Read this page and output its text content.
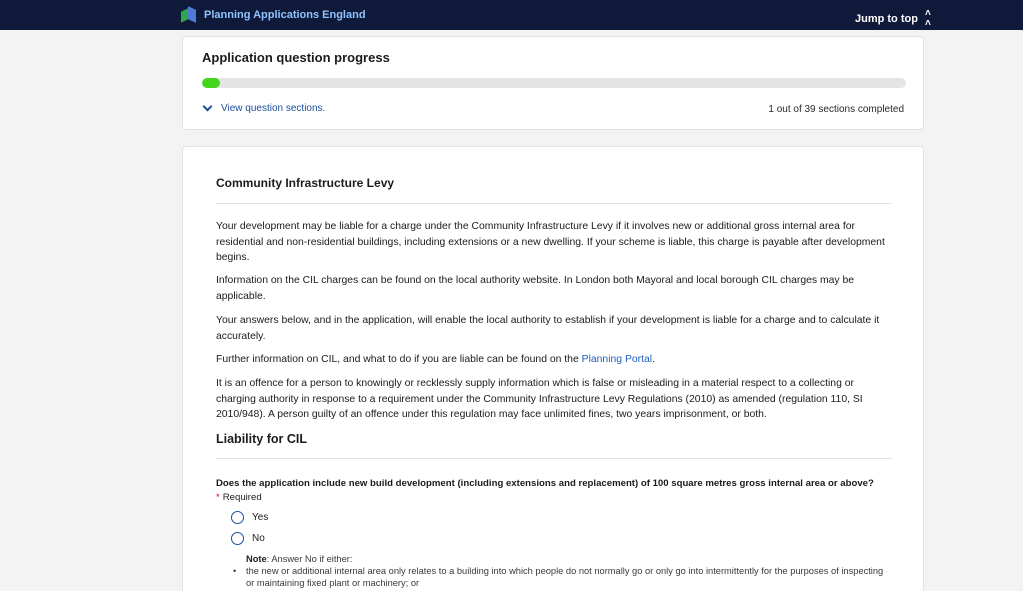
Planning Applications England	Jump to top ˄
˄
Application question progress
View question sections.	1 out of 39 sections completed
Community Infrastructure Levy

Your development may be liable for a charge under the Community Infrastructure Levy if it involves new or additional gross internal area for residential and non-residential buildings, including extensions or a new dwelling. If your scheme is liable, this charge is payable after development begins.

Information on the CIL charges can be found on the local authority website. In London both Mayoral and local borough CIL charges may be applicable.

Your answers below, and in the application, will enable the local authority to establish if your development is liable for a charge and to calculate it accurately.

Further information on CIL, and what to do if you are liable can be found on the Planning Portal.

It is an offence for a person to knowingly or recklessly supply information which is false or misleading in a material respect to a collecting or charging authority in response to a requirement under the Community Infrastructure Levy Regulations (2010) as amended (regulation 110, SI 2010/948). A person guilty of an offence under this regulation may face unlimited fines, two years imprisonment, or both.

Liability for CIL
Does the application include new build development (including extensions and replacement) of 100 square metres gross internal area or above?
* Required
Yes
No
Note: Answer No if either:
•	the new or additional internal area only relates to a building into which people do not normally go or only go into intermittently for the purposes of inspecting or maintaining fixed plant or machinery; or
